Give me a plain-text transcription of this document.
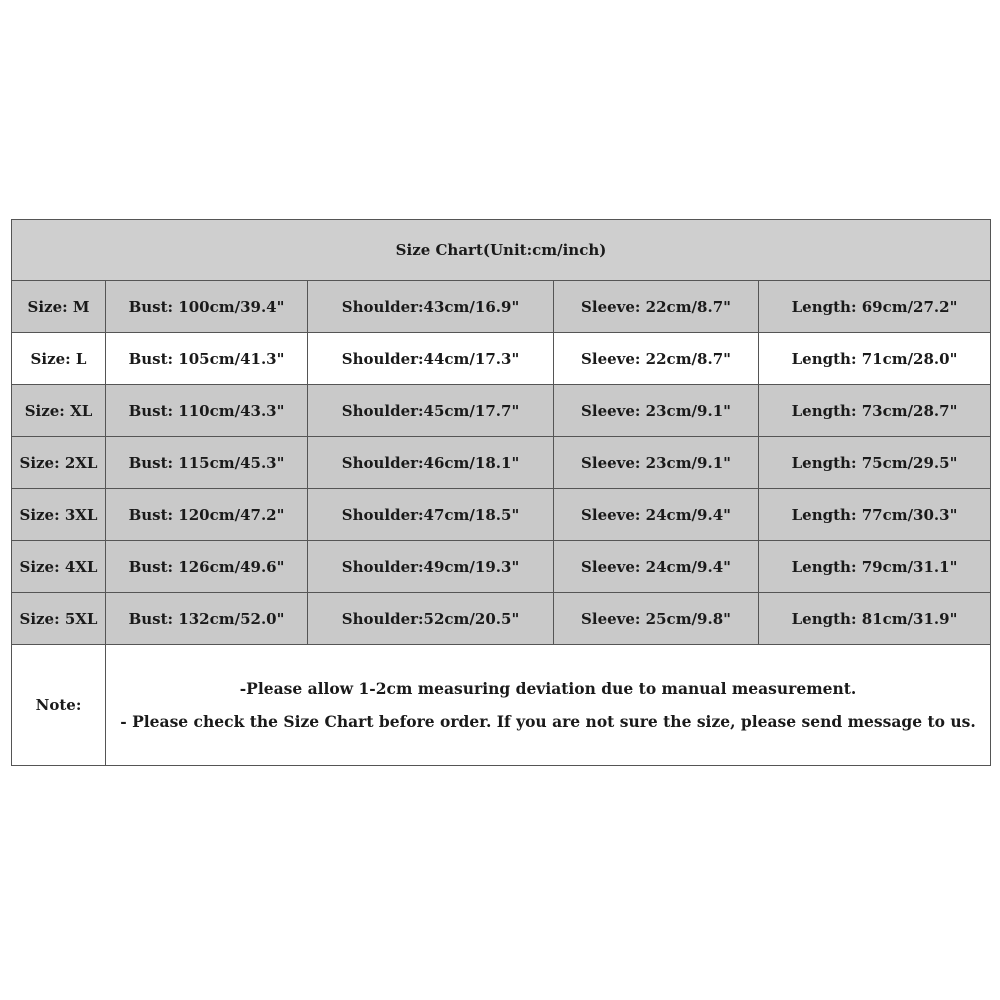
Size Chart(Unit:cm/inch)				
Size: M	Bust: 100cm/39.4"	Shoulder:43cm/16.9"	Sleeve: 22cm/8.7"	Length: 69cm/27.2"
Size: L	Bust: 105cm/41.3"	Shoulder:44cm/17.3"	Sleeve: 22cm/8.7"	Length: 71cm/28.0"
Size: XL	Bust: 110cm/43.3"	Shoulder:45cm/17.7"	Sleeve: 23cm/9.1"	Length: 73cm/28.7"
Size: 2XL	Bust: 115cm/45.3"	Shoulder:46cm/18.1"	Sleeve: 23cm/9.1"	Length: 75cm/29.5"
Size: 3XL	Bust: 120cm/47.2"	Shoulder:47cm/18.5"	Sleeve: 24cm/9.4"	Length: 77cm/30.3"
Size: 4XL	Bust: 126cm/49.6"	Shoulder:49cm/19.3"	Sleeve: 24cm/9.4"	Length: 79cm/31.1"
Size: 5XL	Bust: 132cm/52.0"	Shoulder:52cm/20.5"	Sleeve: 25cm/9.8"	Length: 81cm/31.9"
Note:	-Please allow 1-2cm measuring deviation due to manual measurement.
- Please check the Size Chart before order. If you are not sure the size, please send message to us.			
